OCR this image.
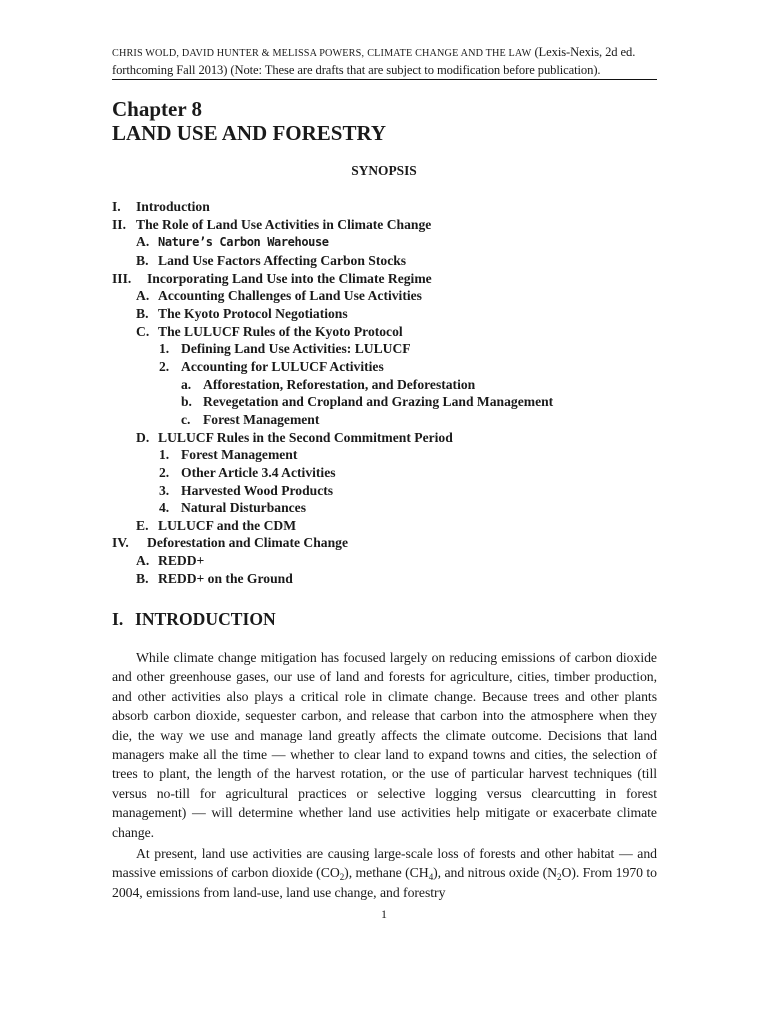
CHRIS WOLD, DAVID HUNTER & MELISSA POWERS, CLIMATE CHANGE AND THE LAW (Lexis-Nexis, 2d ed.
forthcoming Fall 2013) (Note: These are drafts that are subject to modification before publication).
Chapter 8
LAND USE AND FORESTRY
SYNOPSIS
I. Introduction
II. The Role of Land Use Activities in Climate Change
A. Nature’s Carbon Warehouse
B. Land Use Factors Affecting Carbon Stocks
III. Incorporating Land Use into the Climate Regime
A. Accounting Challenges of Land Use Activities
B. The Kyoto Protocol Negotiations
C. The LULUCF Rules of the Kyoto Protocol
1. Defining Land Use Activities: LULUCF
2. Accounting for LULUCF Activities
a. Afforestation, Reforestation, and Deforestation
b. Revegetation and Cropland and Grazing Land Management
c. Forest Management
D. LULUCF Rules in the Second Commitment Period
1. Forest Management
2. Other Article 3.4 Activities
3. Harvested Wood Products
4. Natural Disturbances
E. LULUCF and the CDM
IV. Deforestation and Climate Change
A. REDD+
B. REDD+ on the Ground
I. INTRODUCTION

While climate change mitigation has focused largely on reducing emissions of carbon dioxide and other greenhouse gases, our use of land and forests for agriculture, cities, timber production, and other activities also plays a critical role in climate change. Because trees and other plants absorb carbon dioxide, sequester carbon, and release that carbon into the atmosphere when they die, the way we use and manage land greatly affects the climate outcome. Decisions that land managers make all the time — whether to clear land to expand towns and cities, the selection of trees to plant, the length of the harvest rotation, or the use of particular harvest techniques (till versus no-till for agricultural practices or selective logging versus clearcutting in forest management) — will determine whether land use activities help mitigate or exacerbate climate change.

At present, land use activities are causing large-scale loss of forests and other habitat — and massive emissions of carbon dioxide $(CO_2)$, methane $(CH_4)$, and nitrous oxide $(N_2O)$. From 1970 to 2004, emissions from land-use, land use change, and forestry

1
